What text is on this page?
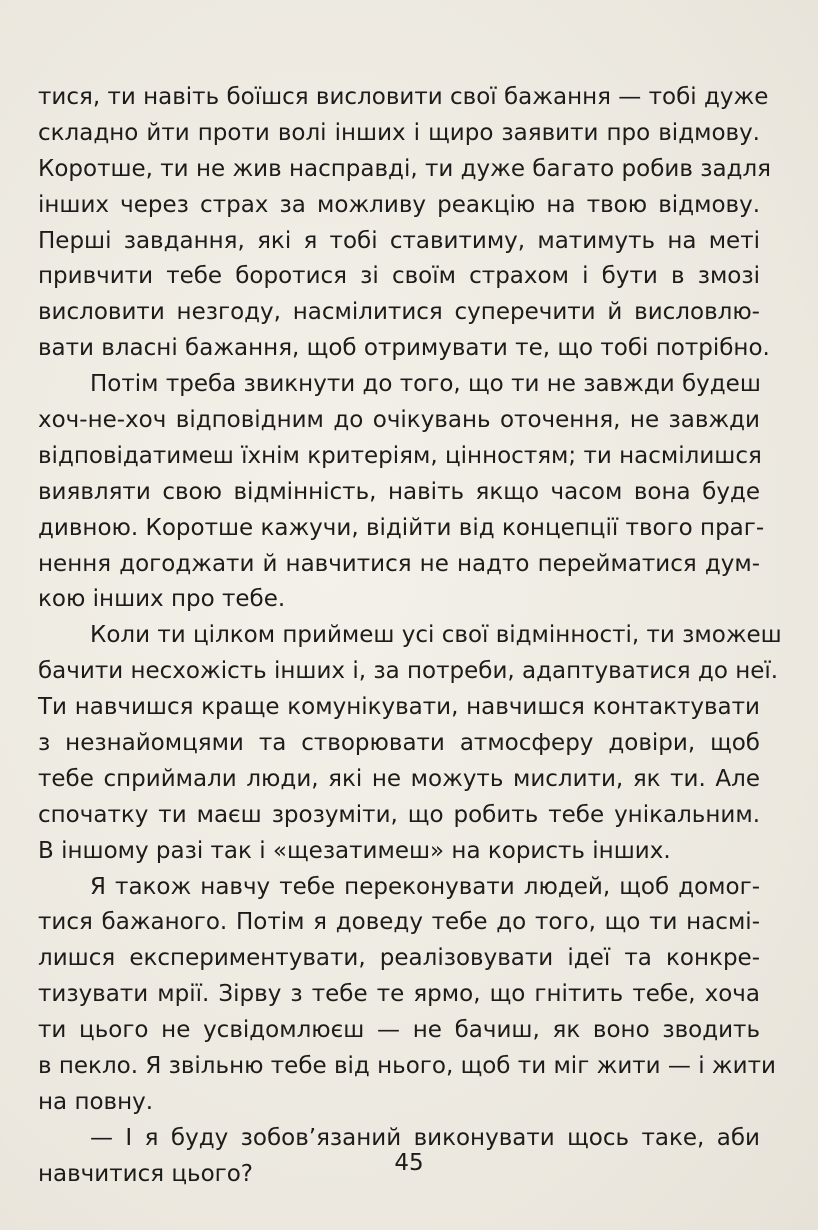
тися, ти навіть боїшся висловити свої бажання — тобі дуже
складно йти проти волі інших і щиро заявити про відмову.
Коротше, ти не жив насправді, ти дуже багато робив задля
інших через страх за можливу реакцію на твою відмову.
Перші завдання, які я тобі ставитиму, матимуть на меті
привчити тебе боротися зі своїм страхом і бути в змозі
висловити незгоду, насмілитися суперечити й висловлю-
вати власні бажання, щоб отримувати те, що тобі потрібно.
Потім треба звикнути до того, що ти не завжди будеш
хоч-не-хоч відповідним до очікувань оточення, не завжди
відповідатимеш їхнім критеріям, цінностям; ти насмілишся
виявляти свою відмінність, навіть якщо часом вона буде
дивною. Коротше кажучи, відійти від концепції твого праг-
нення догоджати й навчитися не надто перейматися дум-
кою інших про тебе.
Коли ти цілком приймеш усі свої відмінності, ти зможеш
бачити несхожість інших і, за потреби, адаптуватися до неї.
Ти навчишся краще комунікувати, навчишся контактувати
з незнайомцями та створювати атмосферу довіри, щоб
тебе сприймали люди, які не можуть мислити, як ти. Але
спочатку ти маєш зрозуміти, що робить тебе унікальним.
В іншому разі так і «щезатимеш» на користь інших.
Я також навчу тебе переконувати людей, щоб домог-
тися бажаного. Потім я доведу тебе до того, що ти насмі-
лишся експериментувати, реалізовувати ідеї та конкре-
тизувати мрії. Зірву з тебе те ярмо, що гнітить тебе, хоча
ти цього не усвідомлюєш — не бачиш, як воно зводить
в пекло. Я звільню тебе від нього, щоб ти міг жити — і жити
на повну.
— І я буду зобов’язаний виконувати щось таке, аби
навчитися цього?	45
